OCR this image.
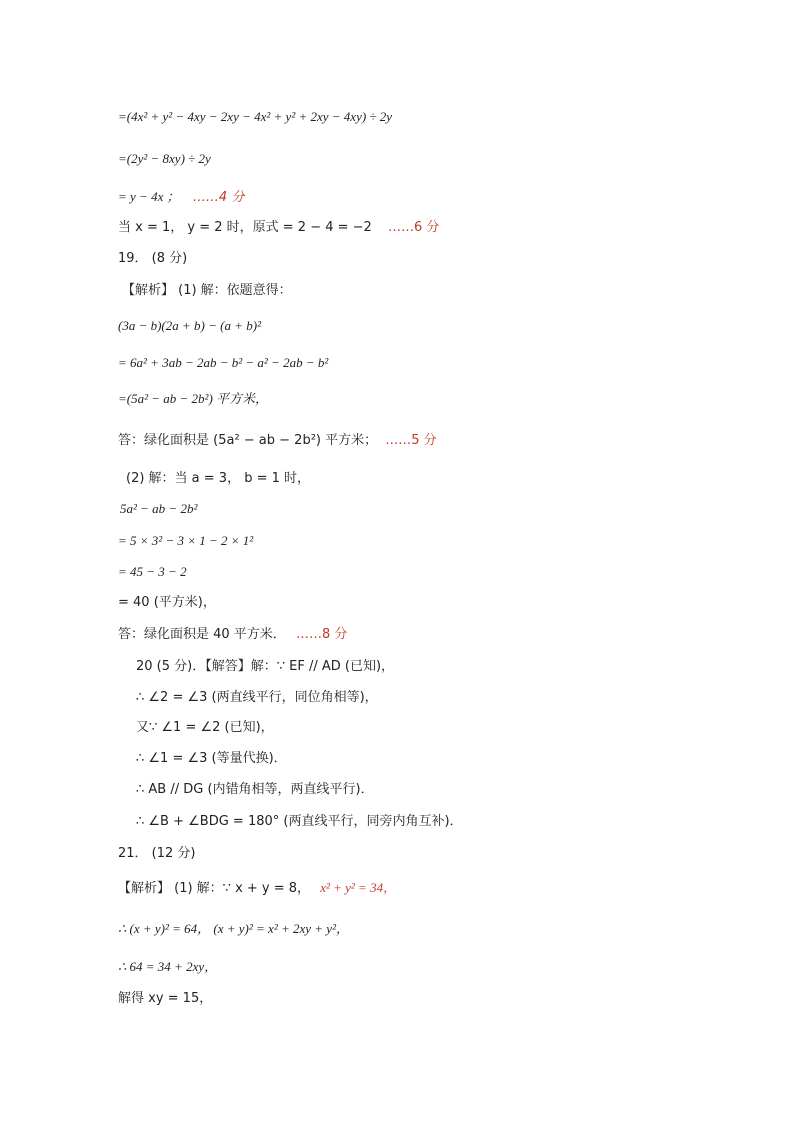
=(4x² + y² − 4xy − 2xy − 4x² + y² + 2xy − 4xy) ÷ 2y
=(2y² − 8xy) ÷ 2y
= y − 4x ； ……4 分
当 x = 1， y = 2 时，原式 = 2 − 4 = −2 ……6 分
19． (8 分)
【解析】 (1) 解：依题意得：
(3a − b)(2a + b) − (a + b)²
= 6a² + 3ab − 2ab − b² − a² − 2ab − b²
=(5a² − ab − 2b²) 平方米，
答：绿化面积是 (5a² − ab − 2b²) 平方米； ……5 分
(2) 解：当 a = 3， b = 1 时，
5a² − ab − 2b²
= 5 × 3² − 3 × 1 − 2 × 1²
= 45 − 3 − 2
= 40 (平方米)，
答：绿化面积是 40 平方米． ……8 分
20 (5 分)．【解答】解：∵ EF // AD (已知)，
∴ ∠2 = ∠3 (两直线平行，同位角相等)，
又∵ ∠1 = ∠2 (已知)，
∴ ∠1 = ∠3 (等量代换)．
∴ AB // DG (内错角相等，两直线平行)．
∴ ∠B + ∠BDG = 180° (两直线平行，同旁内角互补)．
21． (12 分)
【解析】 (1) 解：∵ x + y = 8， x² + y² = 34，
∴ (x + y)² = 64， (x + y)² = x² + 2xy + y²，
∴ 64 = 34 + 2xy，
解得 xy = 15，
